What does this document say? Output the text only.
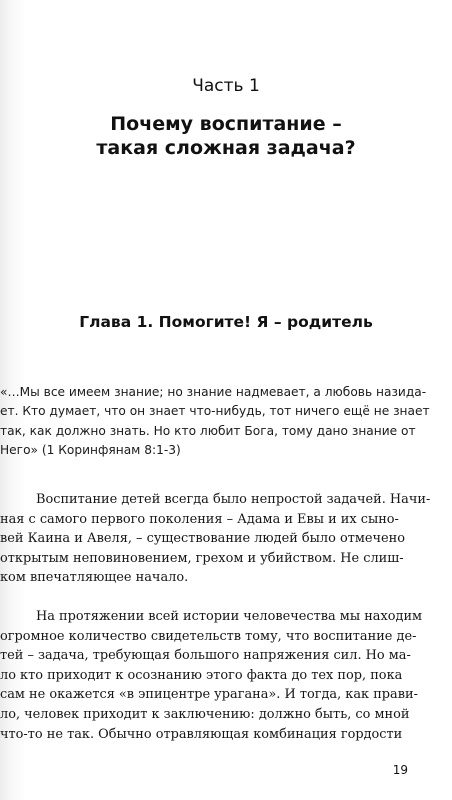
Часть 1
Почему воспитание –
такая сложная задача?
Глава 1. Помогите! Я – родитель
«…Мы все имеем знание; но знание надмевает, а любовь назида-
ет. Кто думает, что он знает что-нибудь, тот ничего ещё не знает
так, как должно знать. Но кто любит Бога, тому дано знание от
Него» (1 Коринфянам 8:1-3)
Воспитание детей всегда было непростой задачей. Начи-
ная с самого первого поколения – Адама и Евы и их сыно-
вей Каина и Авеля, – существование людей было отмечено
открытым неповиновением, грехом и убийством. Не слиш-
ком впечатляющее начало.
На протяжении всей истории человечества мы находим
огромное количество свидетельств тому, что воспитание де-
тей – задача, требующая большого напряжения сил. Но ма-
ло кто приходит к осознанию этого факта до тех пор, пока
сам не окажется «в эпицентре урагана». И тогда, как прави-
ло, человек приходит к заключению: должно быть, со мной
что-то не так. Обычно отравляющая комбинация гордости
19
